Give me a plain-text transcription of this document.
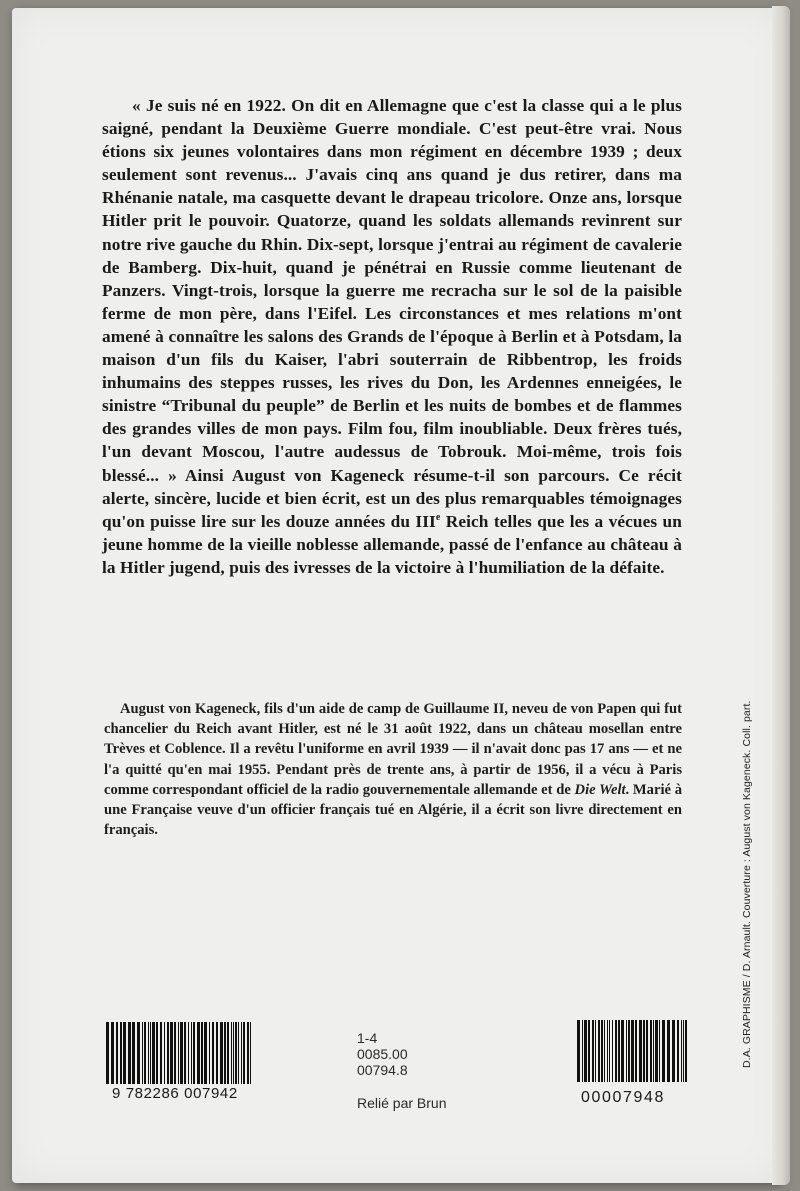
« Je suis né en 1922. On dit en Allemagne que c'est la classe qui a le plus saigné, pendant la Deuxième Guerre mondiale. C'est peut-être vrai. Nous étions six jeunes volontaires dans mon régiment en décembre 1939 ; deux seulement sont revenus... J'avais cinq ans quand je dus retirer, dans ma Rhénanie natale, ma casquette devant le drapeau tricolore. Onze ans, lorsque Hitler prit le pouvoir. Quatorze, quand les soldats allemands revinrent sur notre rive gauche du Rhin. Dix-sept, lorsque j'entrai au régiment de cavalerie de Bamberg. Dix-huit, quand je pénétrai en Russie comme lieutenant de Panzers. Vingt-trois, lorsque la guerre me recracha sur le sol de la paisible ferme de mon père, dans l'Eifel. Les circonstances et mes relations m'ont amené à connaître les salons des Grands de l'époque à Berlin et à Potsdam, la maison d'un fils du Kaiser, l'abri souterrain de Ribbentrop, les froids inhumains des steppes russes, les rives du Don, les Ardennes enneigées, le sinistre “Tribunal du peuple” de Berlin et les nuits de bombes et de flammes des grandes villes de mon pays. Film fou, film inoubliable. Deux frères tués, l'un devant Moscou, l'autre audessus de Tobrouk. Moi-même, trois fois blessé... » Ainsi August von Kageneck résume-t-il son parcours. Ce récit alerte, sincère, lucide et bien écrit, est un des plus remarquables témoignages qu'on puisse lire sur les douze années du IIIe Reich telles que les a vécues un jeune homme de la vieille noblesse allemande, passé de l'enfance au château à la Hitler jugend, puis des ivresses de la victoire à l'humiliation de la défaite.

August von Kageneck, fils d'un aide de camp de Guillaume II, neveu de von Papen qui fut chancelier du Reich avant Hitler, est né le 31 août 1922, dans un château mosellan entre Trèves et Coblence. Il a revêtu l'uniforme en avril 1939 — il n'avait donc pas 17 ans — et ne l'a quitté qu'en mai 1955. Pendant près de trente ans, à partir de 1956, il a vécu à Paris comme correspondant officiel de la radio gouvernementale allemande et de Die Welt. Marié à une Française veuve d'un officier français tué en Algérie, il a écrit son livre directement en français.

9 782286 007942
1-4
0085.00
00794.8
Relié par Brun	00007948
D.A. GRAPHISME / D. Arnault. Couverture : August von Kageneck. Coll. part.
